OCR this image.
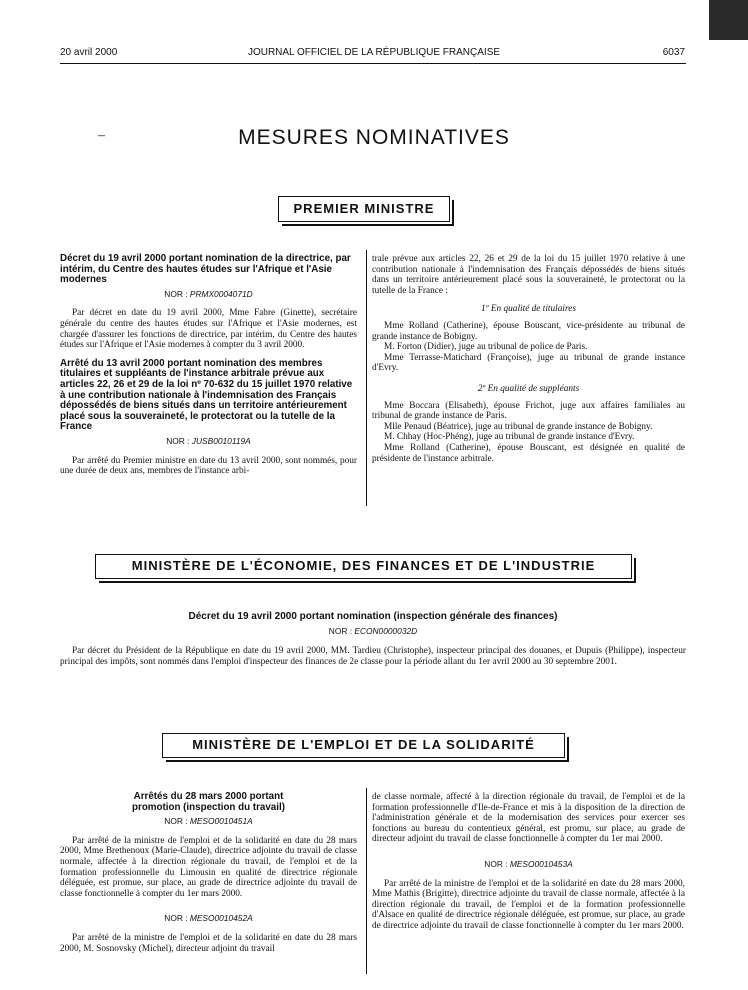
20 avril 2000	JOURNAL OFFICIEL DE LA RÉPUBLIQUE FRANÇAISE	6037
–	MESURES NOMINATIVES
PREMIER MINISTRE
Décret du 19 avril 2000 portant nomination de la directrice, par intérim, du Centre des hautes études sur l'Afrique et l'Asie modernes
NOR : PRMX0004071D

Par décret en date du 19 avril 2000, Mme Fabre (Ginette), secrétaire générale du centre des hautes études sur l'Afrique et l'Asie modernes, est chargée d'assurer les fonctions de directrice, par intérim, du Centre des hautes études sur l'Afrique et l'Asie modernes à compter du 3 avril 2000.

Arrêté du 13 avril 2000 portant nomination des membres titulaires et suppléants de l'instance arbitrale prévue aux articles 22, 26 et 29 de la loi nº 70-632 du 15 juillet 1970 relative à une contribution nationale à l'indemnisation des Français dépossédés de biens situés dans un territoire antérieurement placé sous la souveraineté, le protectorat ou la tutelle de la France
NOR : JUSB0010119A

Par arrêté du Premier ministre en date du 13 avril 2000, sont nommés, pour une durée de deux ans, membres de l'instance arbi-

trale prévue aux articles 22, 26 et 29 de la loi du 15 juillet 1970 relative à une contribution nationale à l'indemnisation des Français dépossédés de biens situés dans un territoire antérieurement placé sous la souveraineté, le protectorat ou la tutelle de la France :
1º En qualité de titulaires

Mme Rolland (Catherine), épouse Bouscant, vice-présidente au tribunal de grande instance de Bobigny.

M. Forton (Didier), juge au tribunal de police de Paris.

Mme Terrasse-Matichard (Françoise), juge au tribunal de grande instance d'Evry.

2º En qualité de suppléants

Mme Boccara (Elisabeth), épouse Frichot, juge aux affaires familiales au tribunal de grande instance de Paris.

Mlle Penaud (Béatrice), juge au tribunal de grande instance de Bobigny.

M. Chhay (Hoc-Phéng), juge au tribunal de grande instance d'Evry.

Mme Rolland (Catherine), épouse Bouscant, est désignée en qualité de présidente de l'instance arbitrale.

MINISTÈRE DE L'ÉCONOMIE, DES FINANCES ET DE L'INDUSTRIE
Décret du 19 avril 2000 portant nomination (inspection générale des finances)
NOR : ECON0000032D

Par décret du Président de la République en date du 19 avril 2000, MM. Tardieu (Christophe), inspecteur principal des douanes, et Dupuis (Philippe), inspecteur principal des impôts, sont nommés dans l'emploi d'inspecteur des finances de 2e classe pour la période allant du 1er avril 2000 au 30 septembre 2001.

MINISTÈRE DE L'EMPLOI ET DE LA SOLIDARITÉ
Arrêtés du 28 mars 2000 portant promotion (inspection du travail)
NOR : MESO0010451A

Par arrêté de la ministre de l'emploi et de la solidarité en date du 28 mars 2000, Mme Brethenoux (Marie-Claude), directrice adjointe du travail de classe normale, affectée à la direction régionale du travail, de l'emploi et de la formation professionnelle du Limousin en qualité de directrice régionale déléguée, est promue, sur place, au grade de directrice adjointe du travail de classe fonctionnelle à compter du 1er mars 2000.

NOR : MESO0010452A

Par arrêté de la ministre de l'emploi et de la solidarité en date du 28 mars 2000, M. Sosnovsky (Michel), directeur adjoint du travail

de classe normale, affecté à la direction régionale du travail, de l'emploi et de la formation professionnelle d'Ile-de-France et mis à la disposition de la direction de l'administration générale et de la modernisation des services pour exercer ses fonctions au bureau du contentieux général, est promu, sur place, au grade de directeur adjoint du travail de classe fonctionnelle à compter du 1er mai 2000.
NOR : MESO0010453A

Par arrêté de la ministre de l'emploi et de la solidarité en date du 28 mars 2000, Mme Mathis (Brigitte), directrice adjointe du travail de classe normale, affectée à la direction régionale du travail, de l'emploi et de la formation professionnelle d'Alsace en qualité de directrice régionale déléguée, est promue, sur place, au grade de directrice adjointe du travail de classe fonctionnelle à compter du 1er mars 2000.
